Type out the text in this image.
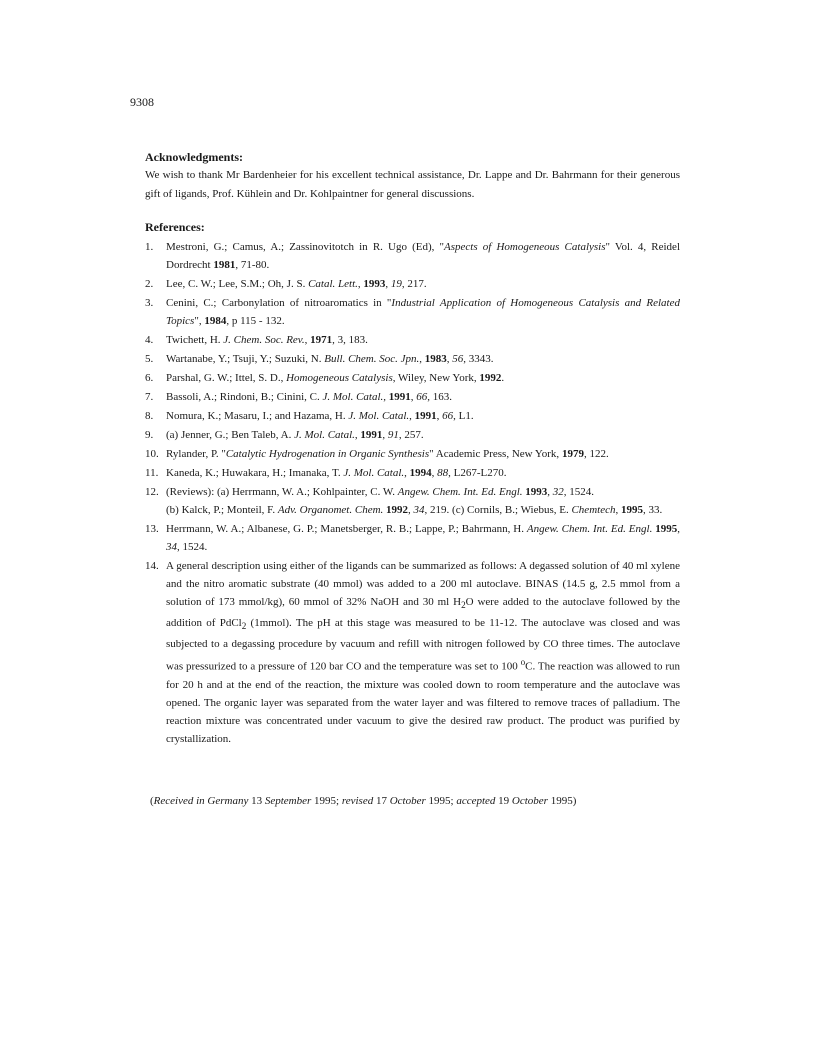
9308
Acknowledgments:
We wish to thank Mr Bardenheier for his excellent technical assistance, Dr. Lappe and Dr. Bahrmann for their generous gift of ligands, Prof. Kühlein and Dr. Kohlpaintner for general discussions.
References:
1.	Mestroni, G.; Camus, A.; Zassinovitotch in R. Ugo (Ed), "Aspects of Homogeneous Catalysis" Vol. 4, Reidel Dordrecht 1981, 71-80.
2.	Lee, C. W.; Lee, S.M.; Oh, J. S. Catal. Lett., 1993, 19, 217.
3.	Cenini, C.; Carbonylation of nitroaromatics in "Industrial Application of Homogeneous Catalysis and Related Topics", 1984, p 115 - 132.
4.	Twichett, H. J. Chem. Soc. Rev., 1971, 3, 183.
5.	Wartanabe, Y.; Tsuji, Y.; Suzuki, N. Bull. Chem. Soc. Jpn., 1983, 56, 3343.
6.	Parshal, G. W.; Ittel, S. D., Homogeneous Catalysis, Wiley, New York, 1992.
7.	Bassoli, A.; Rindoni, B.; Cinini, C. J. Mol. Catal., 1991, 66, 163.
8.	Nomura, K.; Masaru, I.; and Hazama, H. J. Mol. Catal., 1991, 66, L1.
9.	(a) Jenner, G.; Ben Taleb, A. J. Mol. Catal., 1991, 91, 257.
10. Rylander, P. "Catalytic Hydrogenation in Organic Synthesis" Academic Press, New York, 1979, 122.
11. Kaneda, K.; Huwakara, H.; Imanaka, T. J. Mol. Catal., 1994, 88, L267-L270.
12. (Reviews): (a) Herrmann, W. A.; Kohlpainter, C. W. Angew. Chem. Int. Ed. Engl. 1993, 32, 1524.
(b) Kalck, P.; Monteil, F. Adv. Organomet. Chem. 1992, 34, 219. (c) Cornils, B.; Wiebus, E. Chemtech, 1995, 33.
13. Herrmann, W. A.; Albanese, G. P.; Manetsberger, R. B.; Lappe, P.; Bahrmann, H. Angew. Chem. Int. Ed. Engl. 1995, 34, 1524.
14. A general description using either of the ligands can be summarized as follows: A degassed solution of 40 ml xylene and the nitro aromatic substrate (40 mmol) was added to a 200 ml autoclave. BINAS (14.5 g, 2.5 mmol from a solution of 173 mmol/kg), 60 mmol of 32% NaOH and 30 ml $H_2O$ were added to the autoclave followed by the addition of PdCl$_2$ (1mmol). The pH at this stage was measured to be 11-12. The autoclave was closed and was subjected to a degassing procedure by vacuum and refill with nitrogen followed by CO three times. The autoclave was pressurized to a pressure of 120 bar CO and the temperature was set to 100 $^o$C. The reaction was allowed to run for 20 h and at the end of the reaction, the mixture was cooled down to room temperature and the autoclave was opened. The organic layer was separated from the water layer and was filtered to remove traces of palladium. The reaction mixture was concentrated under vacuum to give the desired raw product. The product was purified by crystallization.
(Received in Germany 13 September 1995; revised 17 October 1995; accepted 19 October 1995)
